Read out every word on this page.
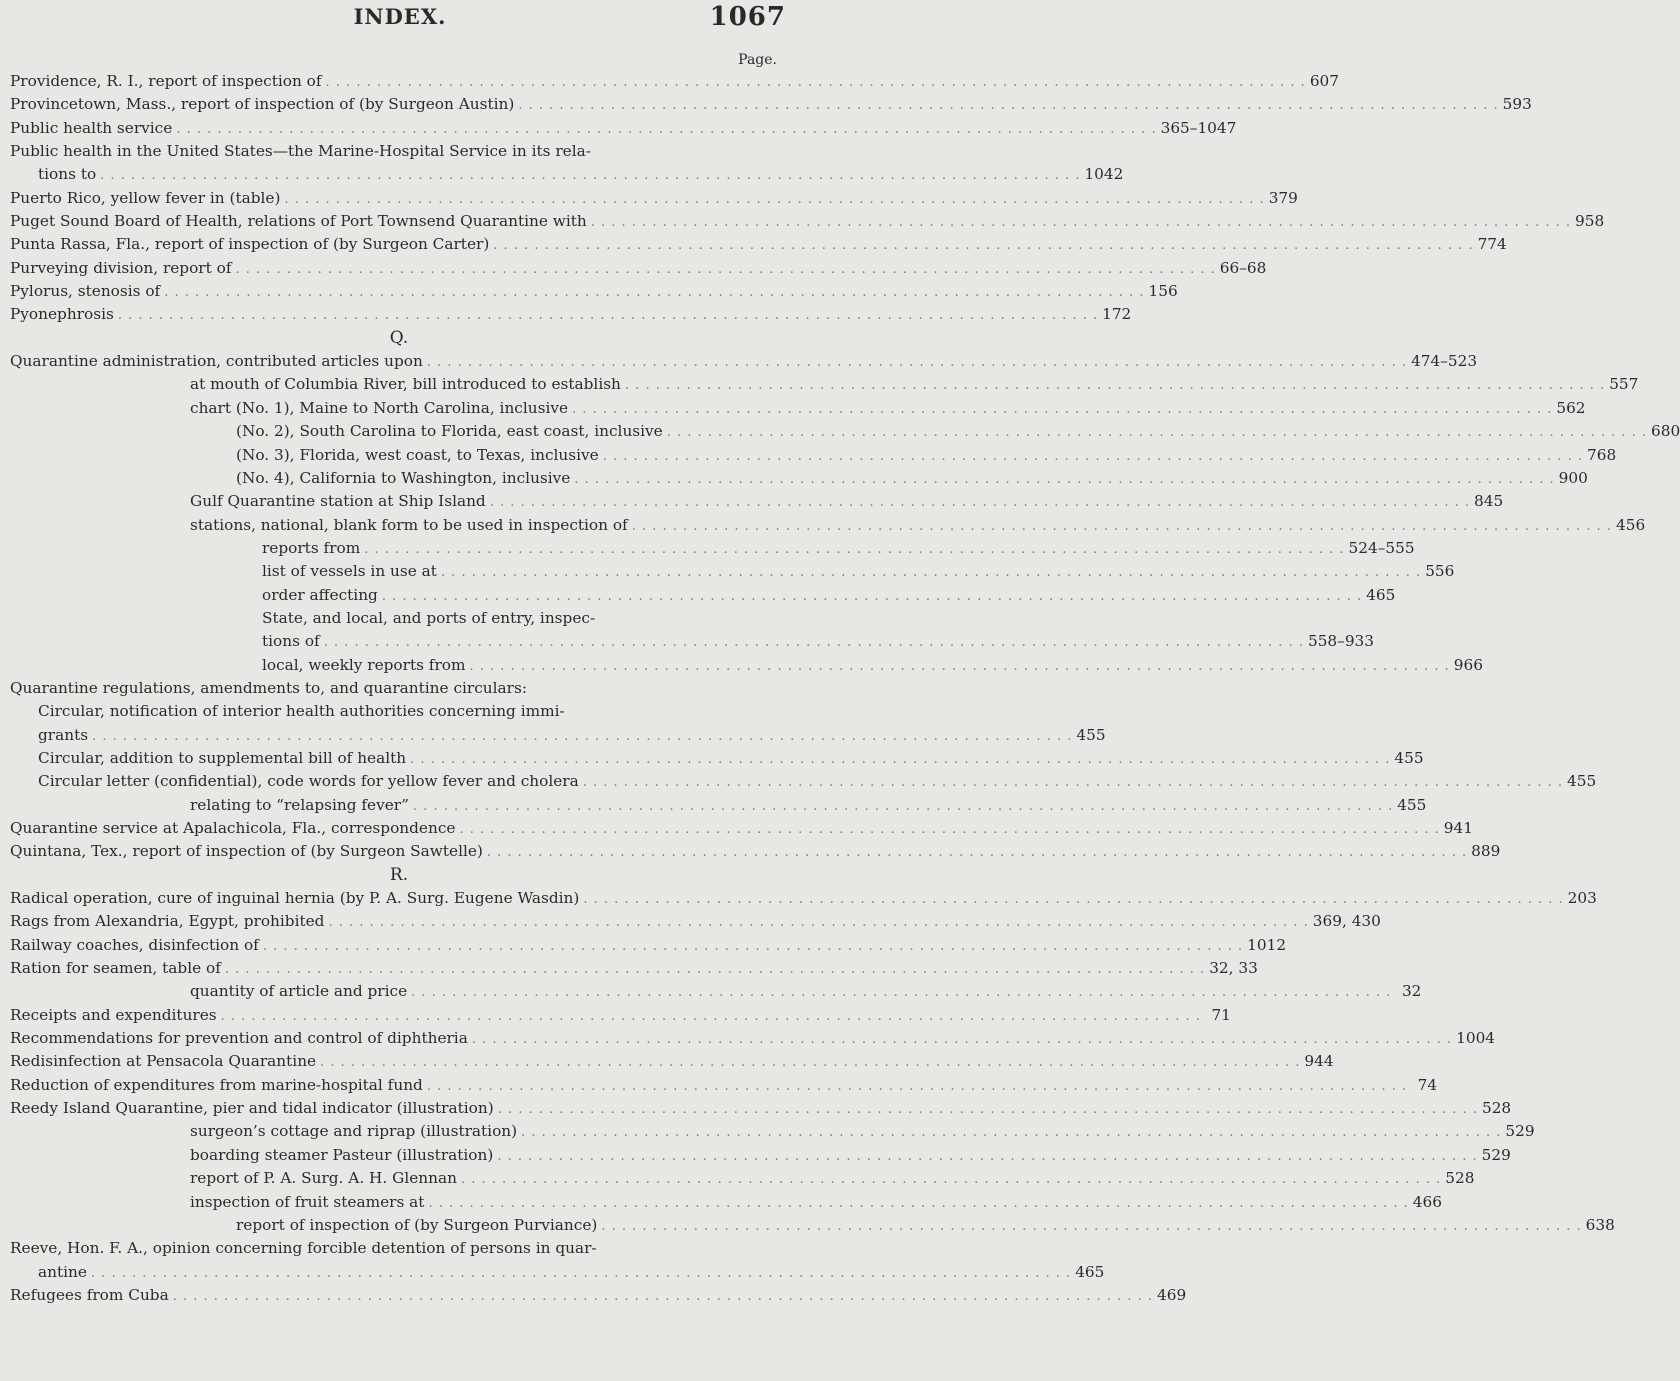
INDEX.	1067
Page.
Providence, R. I., report of inspection of . . .	607
Provincetown, Mass., report of inspection of (by Surgeon Austin) . . .	593
Public health service . . .	365–1047
Public health in the United States—the Marine-Hospital Service in its rela-
tions to . . .	1042
Puerto Rico, yellow fever in (table) . . .	379
Puget Sound Board of Health, relations of Port Townsend Quarantine with . . .	958
Punta Rassa, Fla., report of inspection of (by Surgeon Carter) . . .	774
Purveying division, report of . . .	66–68
Pylorus, stenosis of . . .	156
Pyonephrosis . . .	172
Q.
Quarantine administration, contributed articles upon . . .	474–523
at mouth of Columbia River, bill introduced to establish . . .	557
chart (No. 1), Maine to North Carolina, inclusive . . .	562
(No. 2), South Carolina to Florida, east coast, inclusive . . .	680
(No. 3), Florida, west coast, to Texas, inclusive . . .	768
(No. 4), California to Washington, inclusive . . .	900
Gulf Quarantine station at Ship Island . . .	845
stations, national, blank form to be used in inspection of . . .	456
reports from . . .	524–555
list of vessels in use at . . .	556
order affecting . . .	465
State, and local, and ports of entry, inspec-
tions of . . .	558–933
local, weekly reports from . . .	966
Quarantine regulations, amendments to, and quarantine circulars:
Circular, notification of interior health authorities concerning immi-
grants . . .	455
Circular, addition to supplemental bill of health . . .	455
Circular letter (confidential), code words for yellow fever and cholera . . .	455
relating to “relapsing fever” . . .	455
Quarantine service at Apalachicola, Fla., correspondence . . .	941
Quintana, Tex., report of inspection of (by Surgeon Sawtelle) . . .	889
R.
Radical operation, cure of inguinal hernia (by P. A. Surg. Eugene Wasdin) . . .	203
Rags from Alexandria, Egypt, prohibited . . .	369, 430
Railway coaches, disinfection of . . .	1012
Ration for seamen, table of . . .	32, 33
quantity of article and price . . .	32
Receipts and expenditures . . .	71
Recommendations for prevention and control of diphtheria . . .	1004
Redisinfection at Pensacola Quarantine . . .	944
Reduction of expenditures from marine-hospital fund . . .	74
Reedy Island Quarantine, pier and tidal indicator (illustration) . . .	528
surgeon’s cottage and riprap (illustration) . . .	529
boarding steamer Pasteur (illustration) . . .	529
report of P. A. Surg. A. H. Glennan . . .	528
inspection of fruit steamers at . . .	466
report of inspection of (by Surgeon Purviance) . . .	638
Reeve, Hon. F. A., opinion concerning forcible detention of persons in quar-
antine . . .	465
Refugees from Cuba . . .	469
